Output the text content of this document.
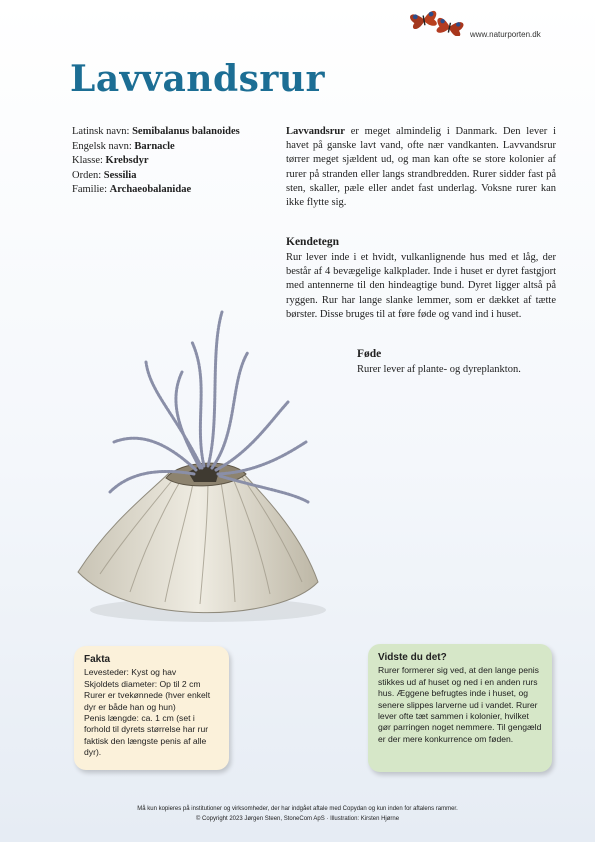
www.naturporten.dk
Lavvandsrur
Latinsk navn: Semibalanus balanoides
Engelsk navn: Barnacle
Klasse: Krebsdyr
Orden: Sessilia
Familie: Archaeobalanidae
Lavvandsrur er meget almindelig i Danmark. Den lever i havet på ganske lavt vand, ofte nær vandkanten. Lavvandsrur tørrer meget sjældent ud, og man kan ofte se store kolonier af rurer på stranden eller langs strandbredden. Rurer sidder fast på sten, skaller, pæle eller andet fast underlag. Voksne rurer kan ikke flytte sig.
Kendetegn
Rur lever inde i et hvidt, vulkanlignende hus med et låg, der består af 4 bevægelige kalkplader. Inde i huset er dyret fastgjort med antennerne til den hindeagtige bund. Dyret ligger altså på ryggen. Rur har lange slanke lemmer, som er dækket af tætte børster. Disse bruges til at føre føde og vand ind i huset.
Føde
Rurer lever af plante- og dyreplankton.
Fakta
Levesteder: Kyst og hav
Skjoldets diameter: Op til 2 cm
Rurer er tvekønnede (hver enkelt dyr er både han og hun)
Penis længde: ca. 1 cm (set i forhold til dyrets størrelse har rur faktisk den længste penis af alle dyr).
Vidste du det?
Rurer formerer sig ved, at den lange penis stikkes ud af huset og ned i en anden rurs hus. Æggene befrugtes inde i huset, og senere slippes larverne ud i vandet. Rurer lever ofte tæt sammen i kolonier, hvilket gør parringen noget nemmere. Til gengæld er der mere konkurrence om føden.
Må kun kopieres på institutioner og virksomheder, der har indgået aftale med Copydan og kun inden for aftalens rammer.
© Copyright 2023 Jørgen Steen, StoneCom ApS · Illustration: Kirsten Hjørne
